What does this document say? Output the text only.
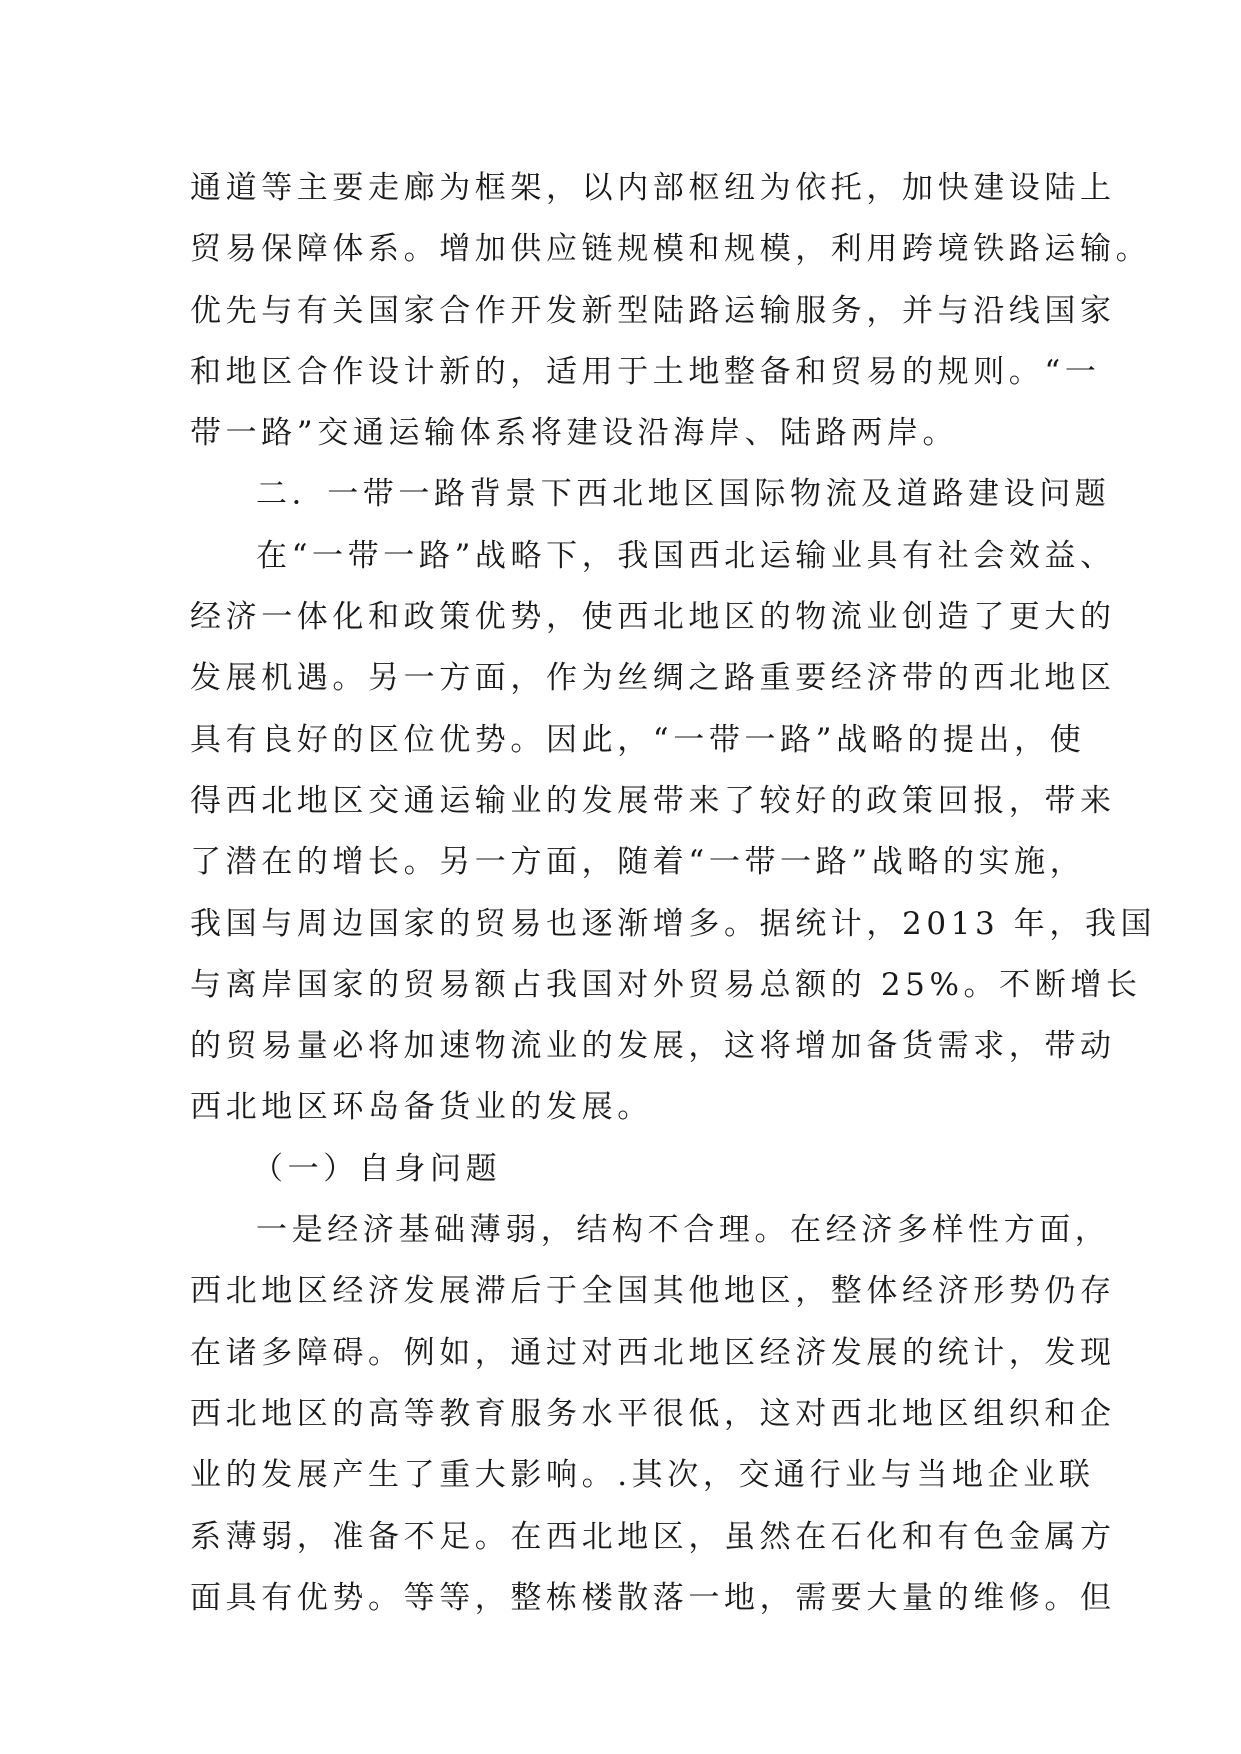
通道等主要走廊为框架，以内部枢纽为依托，加快建设陆上
贸易保障体系。增加供应链规模和规模，利用跨境铁路运输。
优先与有关国家合作开发新型陆路运输服务，并与沿线国家
和地区合作设计新的，适用于土地整备和贸易的规则。“一
带一路”交通运输体系将建设沿海岸、陆路两岸。
二．一带一路背景下西北地区国际物流及道路建设问题
在“一带一路”战略下，我国西北运输业具有社会效益、
经济一体化和政策优势，使西北地区的物流业创造了更大的
发展机遇。另一方面，作为丝绸之路重要经济带的西北地区
具有良好的区位优势。因此，“一带一路”战略的提出，使
得西北地区交通运输业的发展带来了较好的政策回报，带来
了潜在的增长。另一方面，随着“一带一路”战略的实施，
我国与周边国家的贸易也逐渐增多。据统计，2013 年，我国
与离岸国家的贸易额占我国对外贸易总额的 25%。不断增长
的贸易量必将加速物流业的发展，这将增加备货需求，带动
西北地区环岛备货业的发展。
（一）自身问题
一是经济基础薄弱，结构不合理。在经济多样性方面，
西北地区经济发展滞后于全国其他地区，整体经济形势仍存
在诸多障碍。例如，通过对西北地区经济发展的统计，发现
西北地区的高等教育服务水平很低，这对西北地区组织和企
业的发展产生了重大影响。.其次，交通行业与当地企业联
系薄弱，准备不足。在西北地区，虽然在石化和有色金属方
面具有优势。等等，整栋楼散落一地，需要大量的维修。但
